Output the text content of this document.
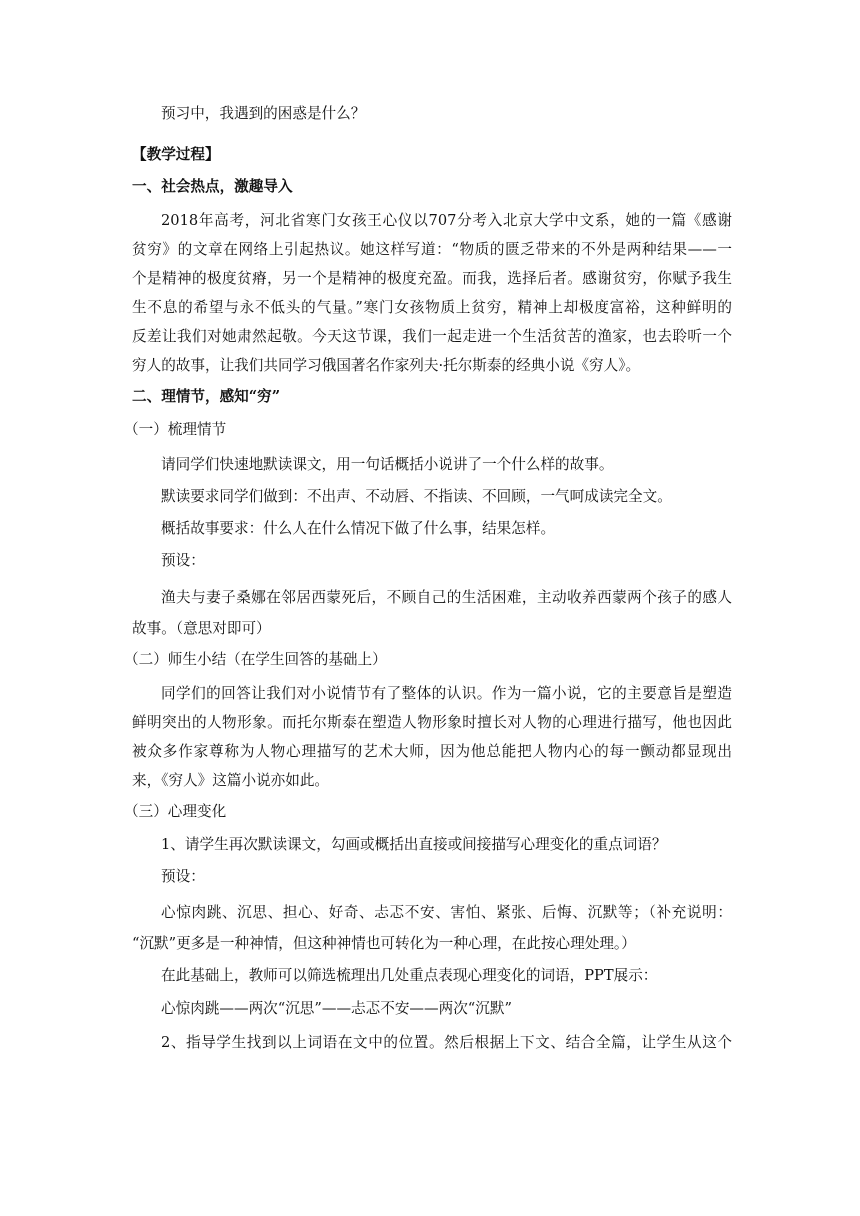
预习中，我遇到的困惑是什么？
【教学过程】
一、社会热点，激趣导入
2018年高考，河北省寒门女孩王心仪以707分考入北京大学中文系，她的一篇《感谢
贫穷》的文章在网络上引起热议。她这样写道：“物质的匮乏带来的不外是两种结果——一
个是精神的极度贫瘠，另一个是精神的极度充盈。而我，选择后者。感谢贫穷，你赋予我生
生不息的希望与永不低头的气量。”寒门女孩物质上贫穷，精神上却极度富裕，这种鲜明的
反差让我们对她肃然起敬。今天这节课，我们一起走进一个生活贫苦的渔家，也去聆听一个
穷人的故事，让我们共同学习俄国著名作家列夫·托尔斯泰的经典小说《穷人》。
二、理情节，感知“穷”
（一）梳理情节
请同学们快速地默读课文，用一句话概括小说讲了一个什么样的故事。
默读要求同学们做到：不出声、不动唇、不指读、不回顾，一气呵成读完全文。
概括故事要求：什么人在什么情况下做了什么事，结果怎样。
预设：
渔夫与妻子桑娜在邻居西蒙死后，不顾自己的生活困难，主动收养西蒙两个孩子的感人
故事。（意思对即可）
（二）师生小结（在学生回答的基础上）
同学们的回答让我们对小说情节有了整体的认识。作为一篇小说，它的主要意旨是塑造
鲜明突出的人物形象。而托尔斯泰在塑造人物形象时擅长对人物的心理进行描写，他也因此
被众多作家尊称为人物心理描写的艺术大师，因为他总能把人物内心的每一颤动都显现出
来，《穷人》这篇小说亦如此。
（三）心理变化
1、请学生再次默读课文，勾画或概括出直接或间接描写心理变化的重点词语？
预设：
心惊肉跳、沉思、担心、好奇、忐忑不安、害怕、紧张、后悔、沉默等；（补充说明：
“沉默”更多是一种神情，但这种神情也可转化为一种心理，在此按心理处理。）
在此基础上，教师可以筛选梳理出几处重点表现心理变化的词语，PPT展示：
心惊肉跳——两次“沉思”——忐忑不安——两次“沉默”
2、指导学生找到以上词语在文中的位置。然后根据上下文、结合全篇，让学生从这个
